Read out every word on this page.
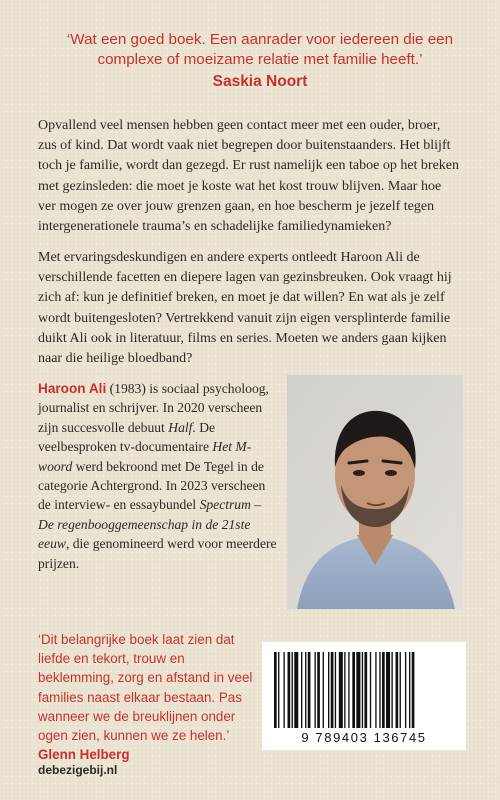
‘Wat een goed boek. Een aanrader voor iedereen die een complexe of moeizame relatie met familie heeft.’
Saskia Noort

Opvallend veel mensen hebben geen contact meer met een ouder, broer, zus of kind. Dat wordt vaak niet begrepen door buitenstaanders. Het blijft toch je familie, wordt dan gezegd. Er rust namelijk een taboe op het breken met gezinsleden: die moet je koste wat het kost trouw blijven. Maar hoe ver mogen ze over jouw grenzen gaan, en hoe bescherm je jezelf tegen intergenerationele trauma’s en schadelijke familiedynamieken?

Met ervaringsdeskundigen en andere experts ontleedt Haroon Ali de verschillende facetten en diepere lagen van gezinsbreuken. Ook vraagt hij zich af: kun je definitief breken, en moet je dat willen? En wat als je zelf wordt buitengesloten? Vertrekkend vanuit zijn eigen versplinterde familie duikt Ali ook in literatuur, films en series. Moeten we anders gaan kijken naar die heilige bloedband?

Haroon Ali (1983) is sociaal psycholoog, journalist en schrijver. In 2020 verscheen zijn succesvolle debuut Half. De veelbesproken tv-documentaire Het M-woord werd bekroond met De Tegel in de categorie Achtergrond. In 2023 verscheen de interview- en essaybundel Spectrum – De regenbooggemeenschap in de 21ste eeuw, die genomineerd werd voor meerdere prijzen.

‘Dit belangrijke boek laat zien dat liefde en tekort, trouw en beklemming, zorg en afstand in veel families naast elkaar bestaan. Pas wanneer we de breuklijnen onder ogen zien, kunnen we ze helen.’
Glenn Helberg
debezigebij.nl
9 789403 136745
